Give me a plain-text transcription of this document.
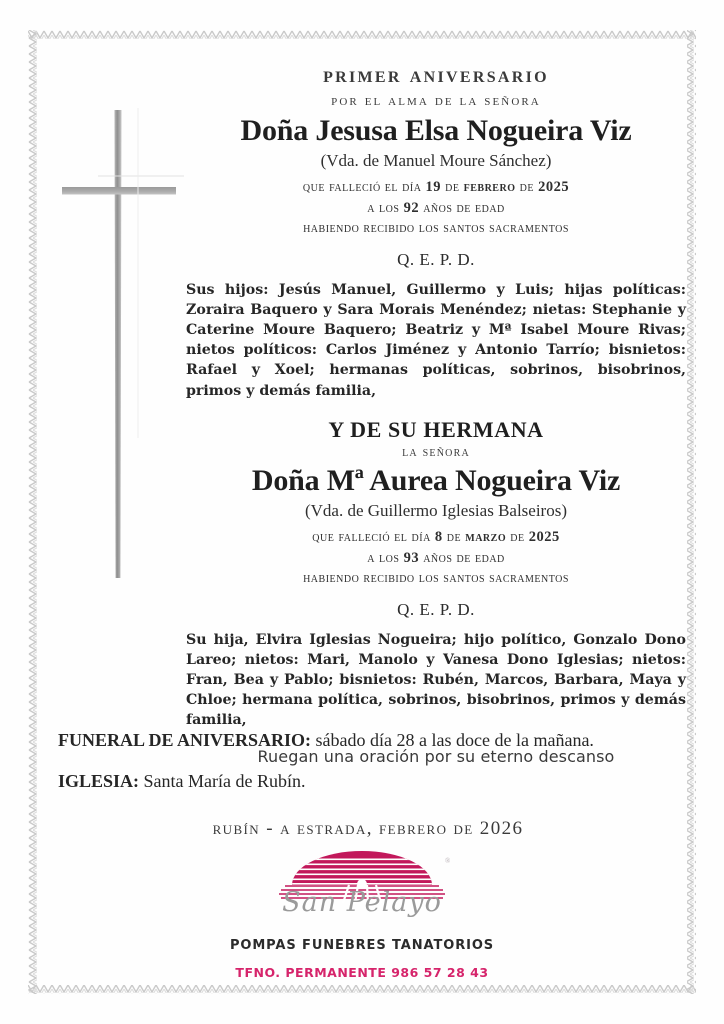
primer aniversario
por el alma de la señora
Doña Jesusa Elsa Nogueira Viz
(Vda. de Manuel Moure Sánchez)
que falleció el día 19 de febrero de 2025
a los 92 años de edad
habiendo recibido los santos sacramentos
Q. E. P. D.
Sus hijos: Jesús Manuel, Guillermo y Luis; hijas políticas: Zoraira Baquero y Sara Morais Menéndez; nietas: Stephanie y Caterine Moure Baquero; Beatriz y Mª Isabel Moure Rivas; nietos políticos: Carlos Jiménez y Antonio Tarrío; bisnietos: Rafael y Xoel; hermanas políticas, sobrinos, bisobrinos, primos y demás familia,
Y DE SU HERMANA
la señora
Doña Mª Aurea Nogueira Viz
(Vda. de Guillermo Iglesias Balseiros)
que falleció el día 8 de marzo de 2025
a los 93 años de edad
habiendo recibido los santos sacramentos
Q. E. P. D.
Su hija, Elvira Iglesias Nogueira; hijo político, Gonzalo Dono Lareo; nietos: Mari, Manolo y Vanesa Dono Iglesias; nietos: Fran, Bea y Pablo; bisnietos: Rubén, Marcos, Barbara, Maya y Chloe; hermana política, sobrinos, bisobrinos, primos y demás familia,
Ruegan una oración por su eterno descanso
FUNERAL DE ANIVERSARIO: sábado día 28 a las doce de la mañana.
IGLESIA: Santa María de Rubín.
rubín - a estrada, febrero de 2026
®
San Pelayo
POMPAS FUNEBRES TANATORIOS
TFNO. PERMANENTE 986 57 28 43
